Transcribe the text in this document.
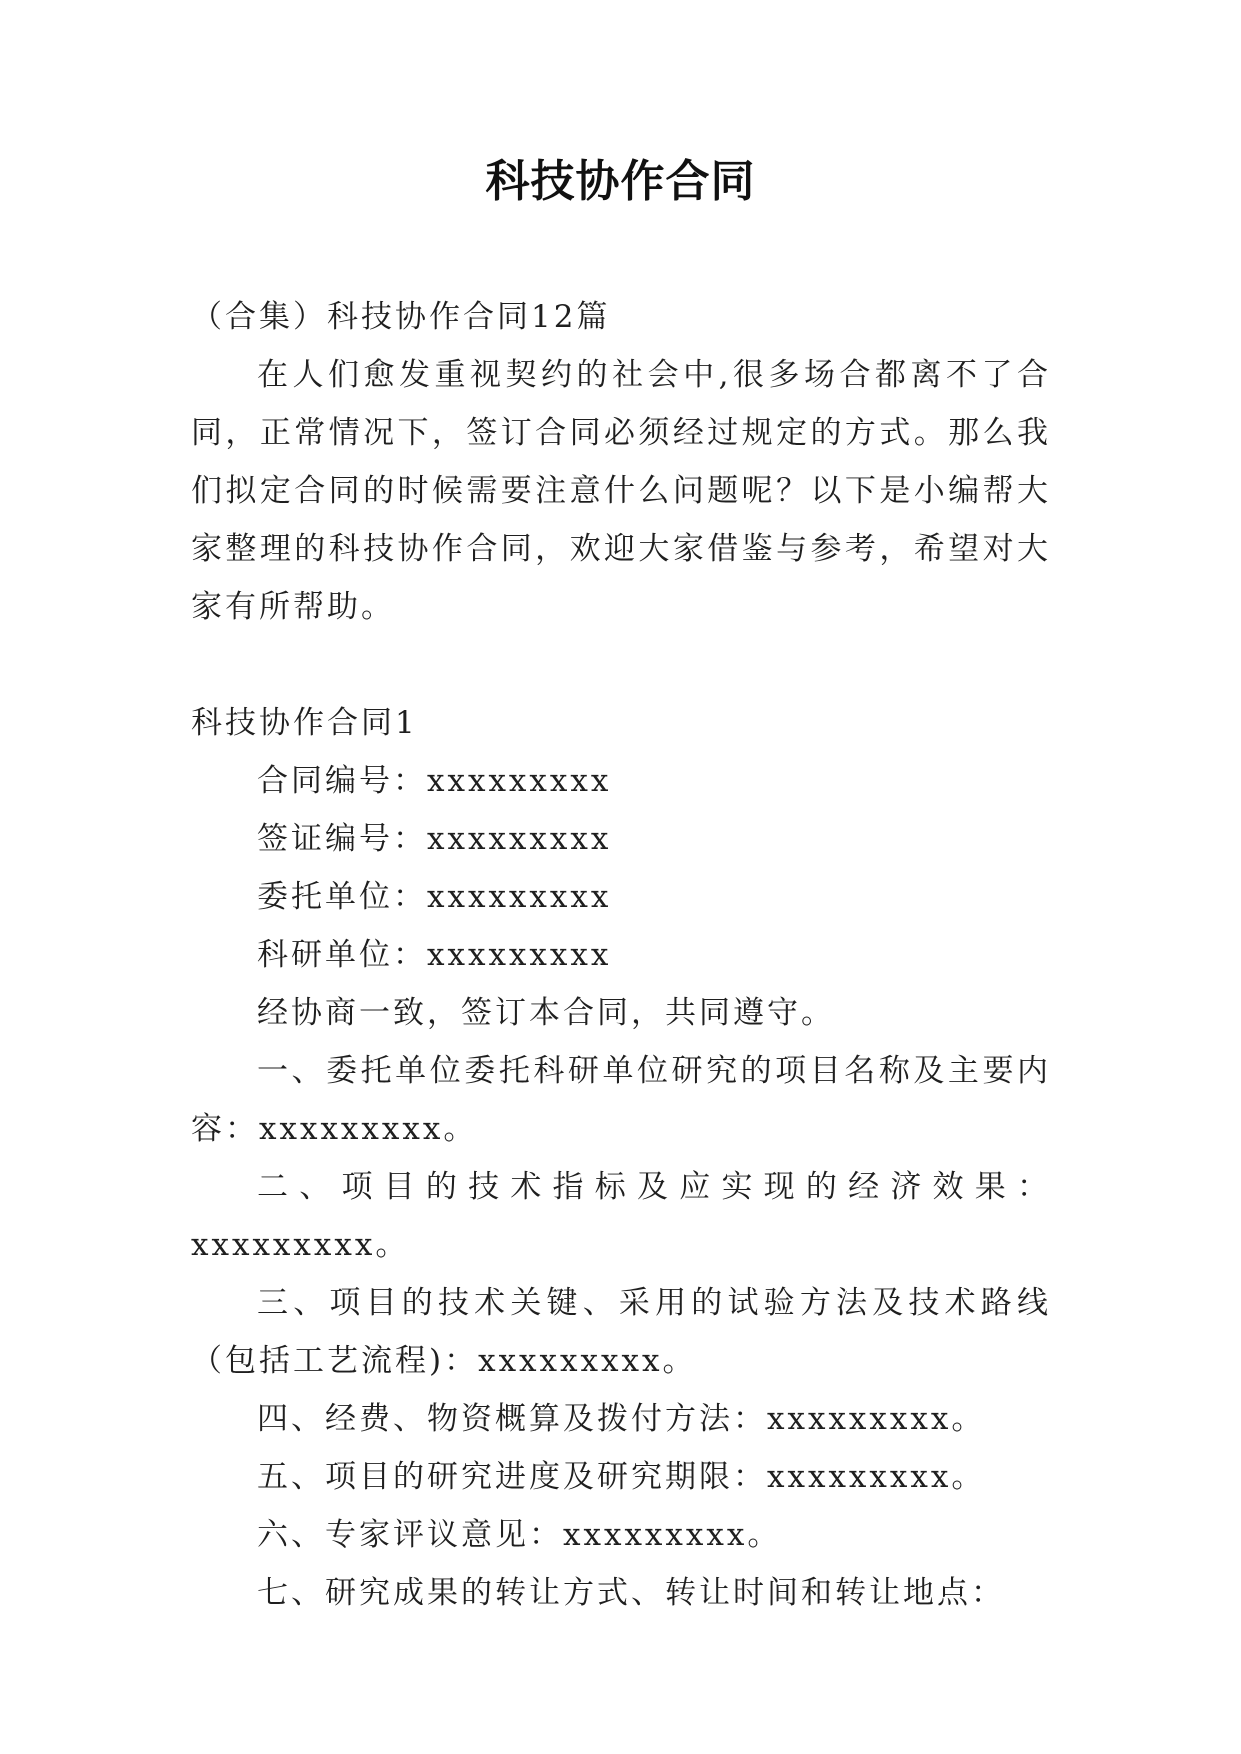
科技协作合同

（合集）科技协作合同12篇

在人们愈发重视契约的社会中,很多场合都离不了合同，正常情况下，签订合同必须经过规定的方式。那么我们拟定合同的时候需要注意什么问题呢？以下是小编帮大家整理的科技协作合同，欢迎大家借鉴与参考，希望对大家有所帮助。

科技协作合同1

合同编号：xxxxxxxxx

签证编号：xxxxxxxxx

委托单位：xxxxxxxxx

科研单位：xxxxxxxxx

经协商一致，签订本合同，共同遵守。

一、委托单位委托科研单位研究的项目名称及主要内容：xxxxxxxxx。

二、项目的技术指标及应实现的经济效果：xxxxxxxxx。

三、项目的技术关键、采用的试验方法及技术路线（包括工艺流程)：xxxxxxxxx。

四、经费、物资概算及拨付方法：xxxxxxxxx。

五、项目的研究进度及研究期限：xxxxxxxxx。

六、专家评议意见：xxxxxxxxx。

七、研究成果的转让方式、转让时间和转让地点：
